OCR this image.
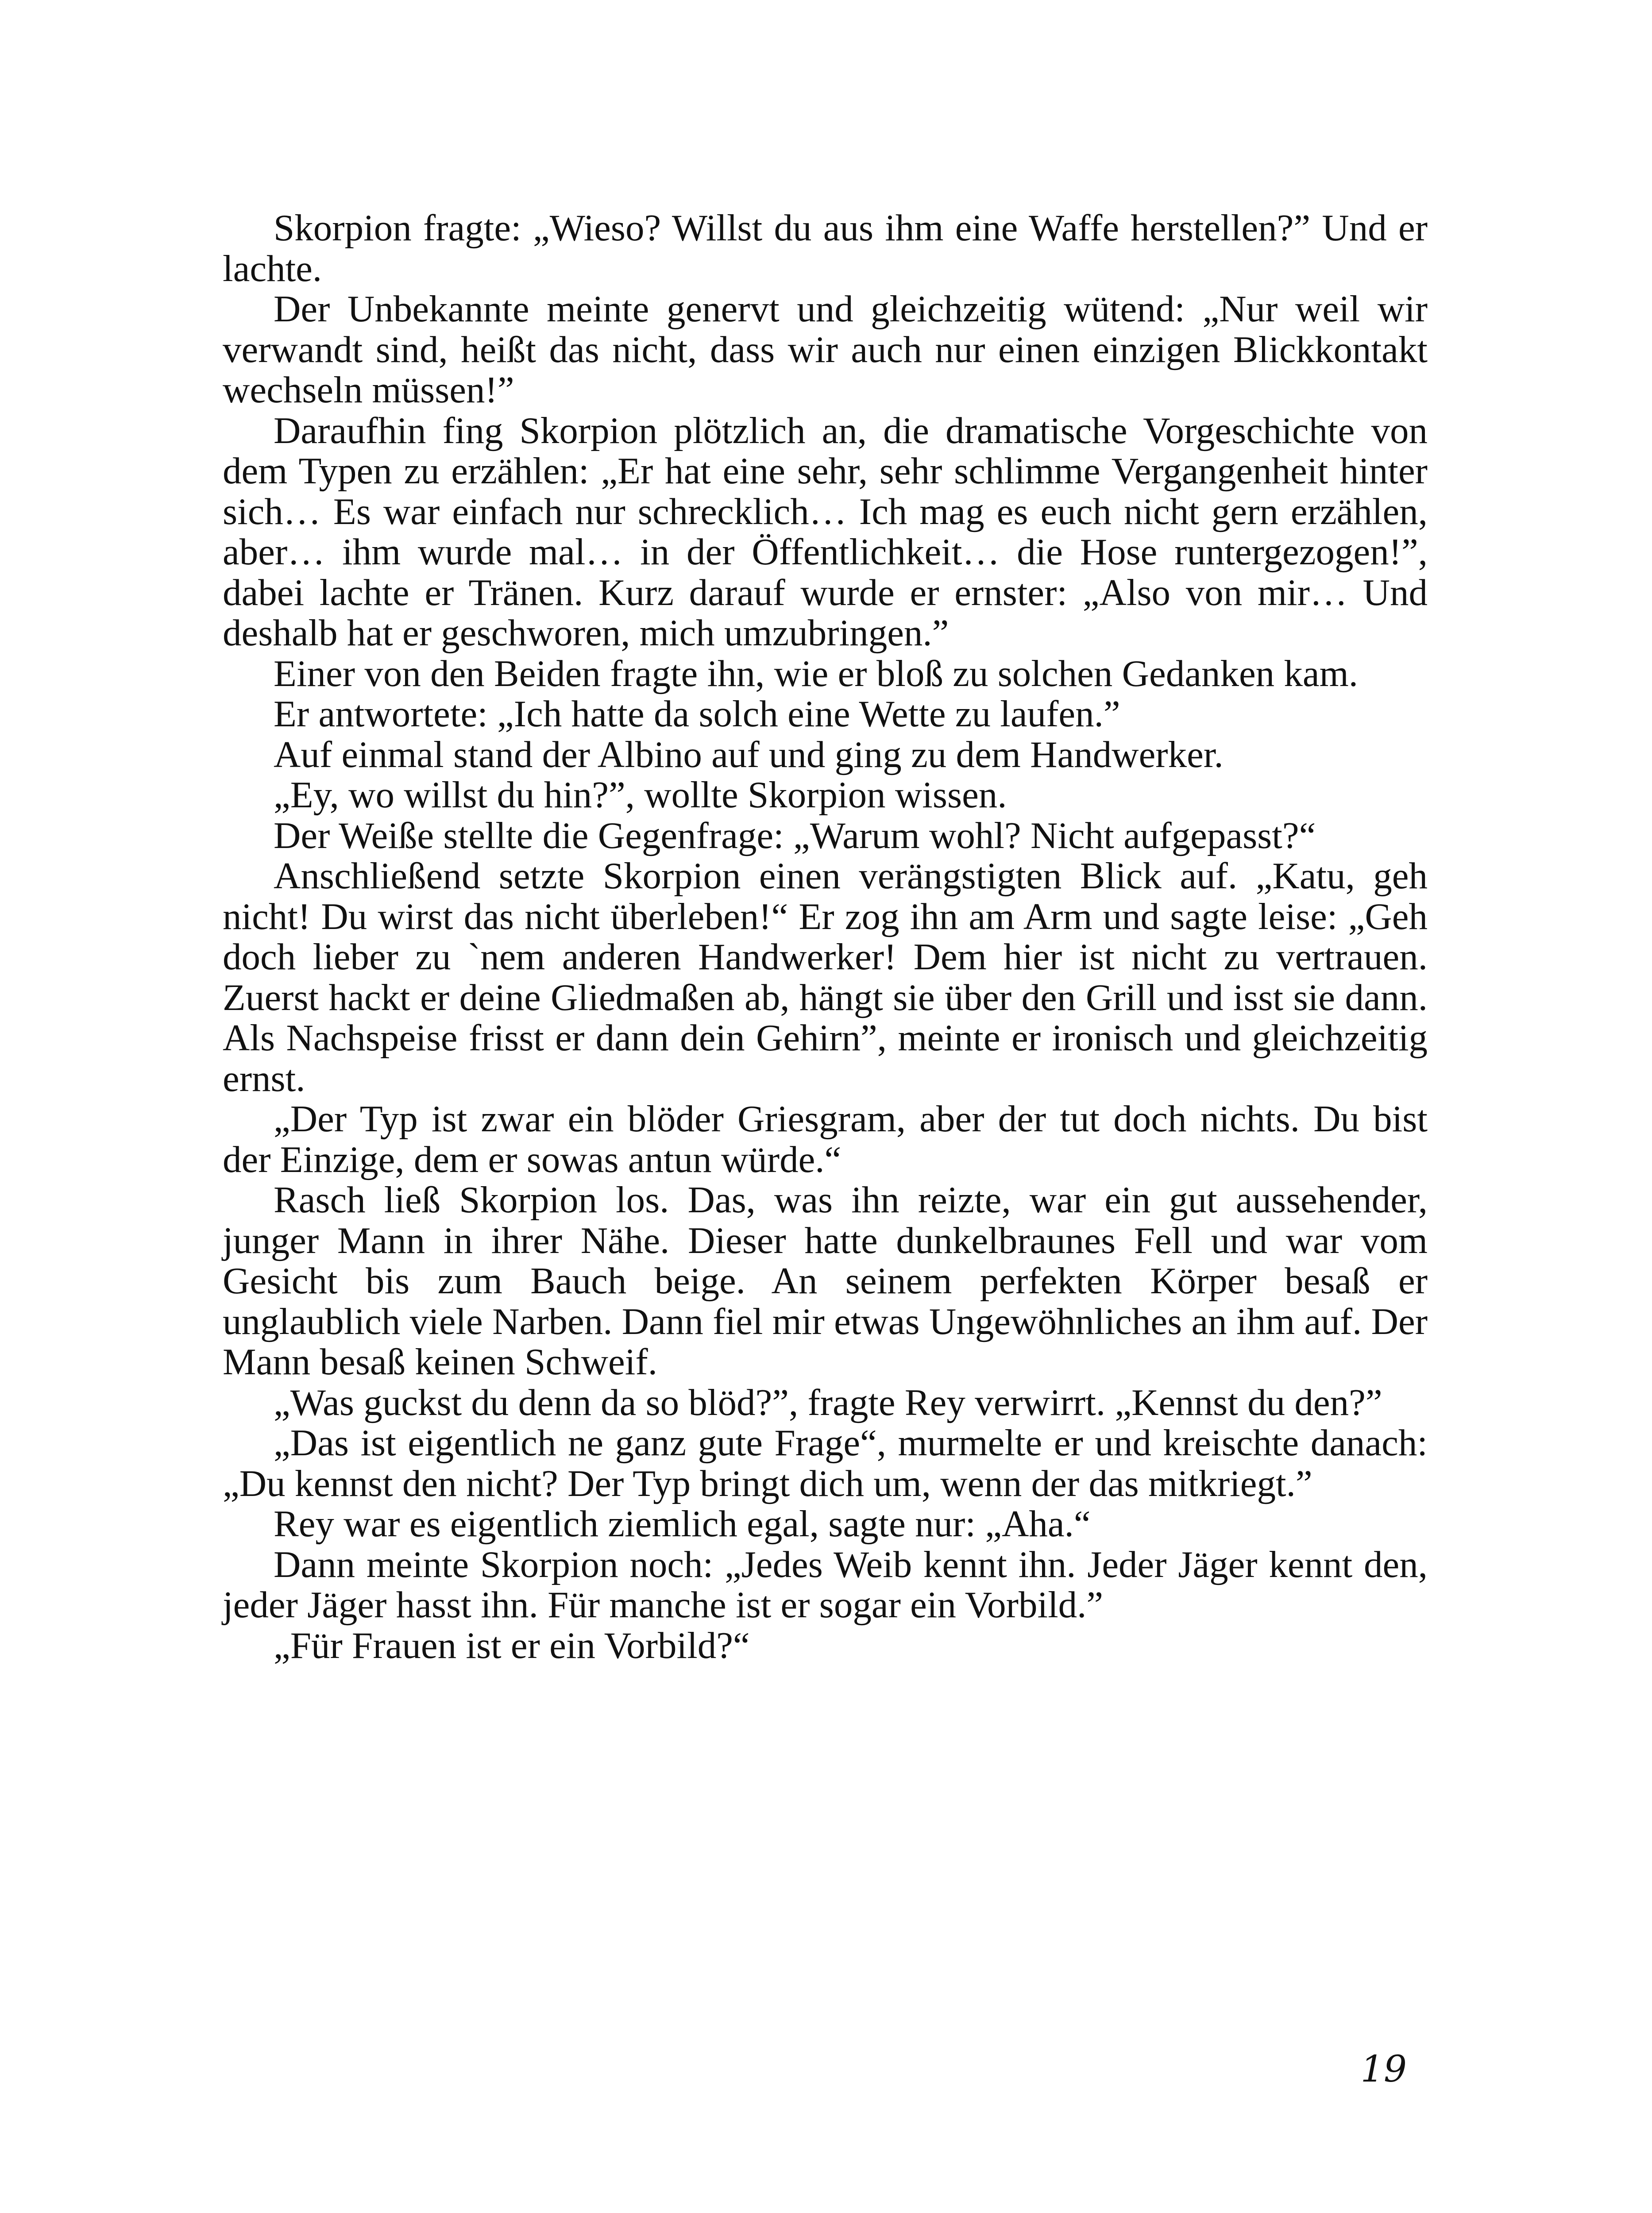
Skorpion fragte: „Wieso? Willst du aus ihm eine Waffe herstellen?” Und er lachte.

Der Unbekannte meinte genervt und gleichzeitig wütend: „Nur weil wir verwandt sind, heißt das nicht, dass wir auch nur einen einzigen Blickkontakt wechseln müssen!”

Daraufhin fing Skorpion plötzlich an, die dramatische Vorgeschichte von dem Typen zu erzählen: „Er hat eine sehr, sehr schlimme Vergangenheit hinter sich… Es war einfach nur schrecklich… Ich mag es euch nicht gern erzählen, aber… ihm wurde mal… in der Öffentlichkeit… die Hose runtergezogen!”, dabei lachte er Tränen. Kurz darauf wurde er ernster: „Also von mir… Und deshalb hat er geschworen, mich umzubringen.”

Einer von den Beiden fragte ihn, wie er bloß zu solchen Gedanken kam.

Er antwortete: „Ich hatte da solch eine Wette zu laufen.”

Auf einmal stand der Albino auf und ging zu dem Handwerker.

„Ey, wo willst du hin?”, wollte Skorpion wissen.

Der Weiße stellte die Gegenfrage: „Warum wohl? Nicht aufgepasst?“

Anschließend setzte Skorpion einen verängstigten Blick auf. „Katu, geh nicht! Du wirst das nicht überleben!“ Er zog ihn am Arm und sagte leise: „Geh doch lieber zu `nem anderen Handwerker! Dem hier ist nicht zu vertrauen. Zuerst hackt er deine Gliedmaßen ab, hängt sie über den Grill und isst sie dann. Als Nachspeise frisst er dann dein Gehirn”, meinte er ironisch und gleichzeitig ernst.

„Der Typ ist zwar ein blöder Griesgram, aber der tut doch nichts. Du bist der Einzige, dem er sowas antun würde.“

Rasch ließ Skorpion los. Das, was ihn reizte, war ein gut aussehender, junger Mann in ihrer Nähe. Dieser hatte dunkelbraunes Fell und war vom Gesicht bis zum Bauch beige. An seinem perfekten Körper besaß er unglaublich viele Narben. Dann fiel mir etwas Ungewöhnliches an ihm auf. Der Mann besaß keinen Schweif.

„Was guckst du denn da so blöd?”, fragte Rey verwirrt. „Kennst du den?”

„Das ist eigentlich ne ganz gute Frage“, murmelte er und kreischte danach: „Du kennst den nicht? Der Typ bringt dich um, wenn der das mitkriegt.”

Rey war es eigentlich ziemlich egal, sagte nur: „Aha.“

Dann meinte Skorpion noch: „Jedes Weib kennt ihn. Jeder Jäger kennt den, jeder Jäger hasst ihn. Für manche ist er sogar ein Vorbild.”

„Für Frauen ist er ein Vorbild?“

19
